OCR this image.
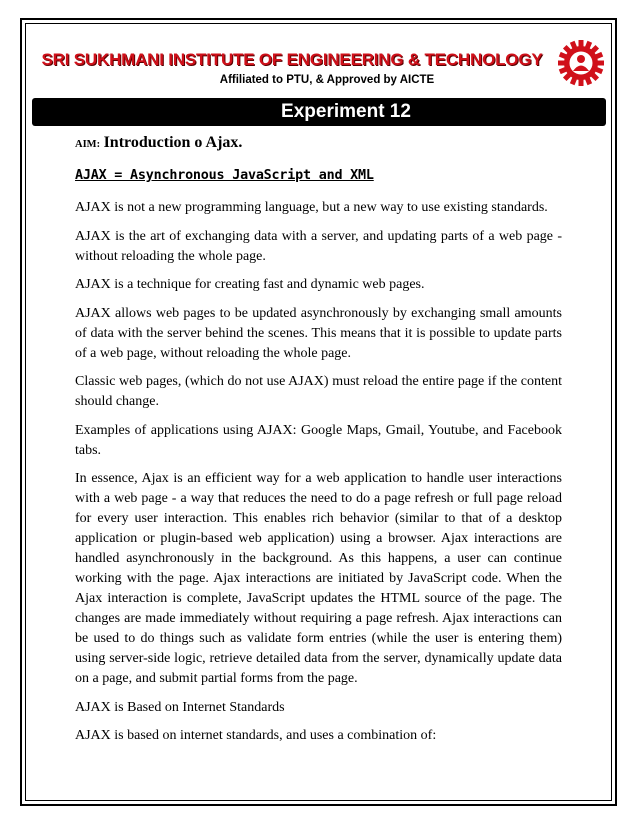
SRI SUKHMANI INSTITUTE OF ENGINEERING & TECHNOLOGY
Affiliated to PTU, & Approved by AICTE
Experiment 12

AIM: Introduction o Ajax.

AJAX = Asynchronous JavaScript and XML

AJAX is not a new programming language, but a new way to use existing standards.

AJAX is the art of exchanging data with a server, and updating parts of a web page - without reloading the whole page.

AJAX is a technique for creating fast and dynamic web pages.

AJAX allows web pages to be updated asynchronously by exchanging small amounts of data with the server behind the scenes. This means that it is possible to update parts of a web page, without reloading the whole page.

Classic web pages, (which do not use AJAX) must reload the entire page if the content should change.

Examples of applications using AJAX: Google Maps, Gmail, Youtube, and Facebook tabs.

In essence, Ajax is an efficient way for a web application to handle user interactions with a web page - a way that reduces the need to do a page refresh or full page reload for every user interaction. This enables rich behavior (similar to that of a desktop application or plugin-based web application) using a browser. Ajax interactions are handled asynchronously in the background. As this happens, a user can continue working with the page. Ajax interactions are initiated by JavaScript code. When the Ajax interaction is complete, JavaScript updates the HTML source of the page. The changes are made immediately without requiring a page refresh. Ajax interactions can be used to do things such as validate form entries (while the user is entering them) using server-side logic, retrieve detailed data from the server, dynamically update data on a page, and submit partial forms from the page.

AJAX is Based on Internet Standards

AJAX is based on internet standards, and uses a combination of:
